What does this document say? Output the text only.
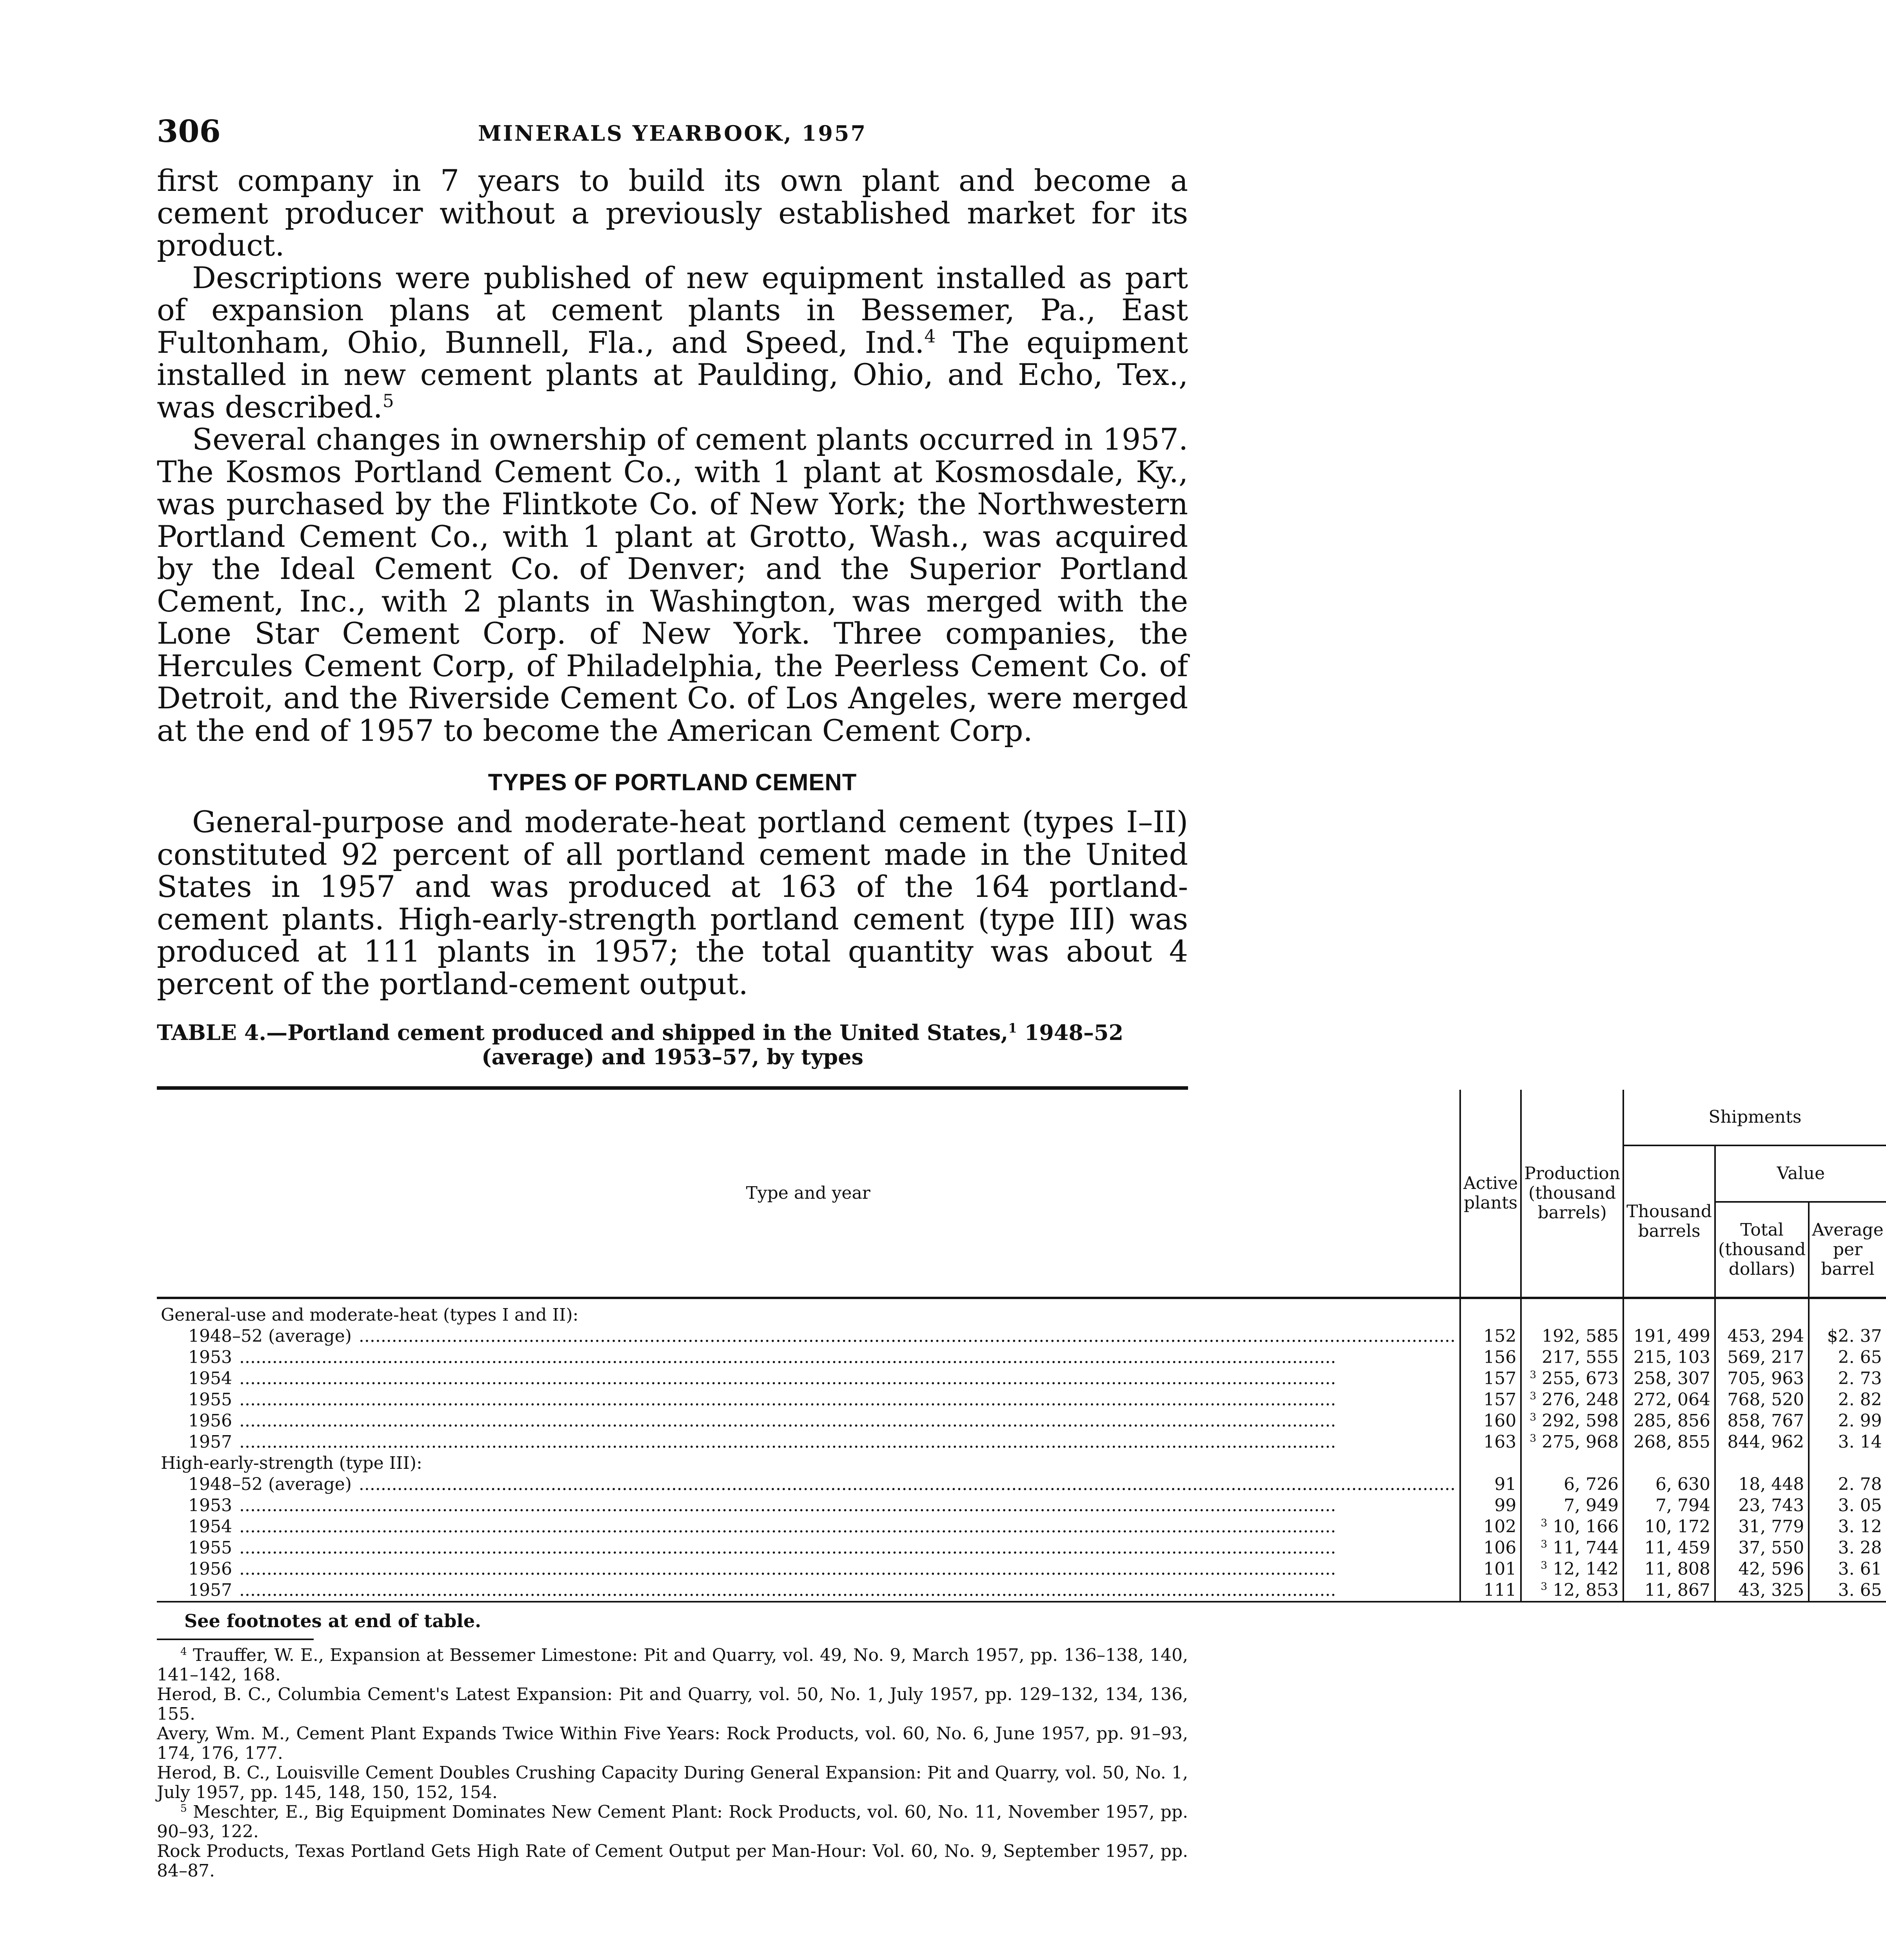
306	MINERALS YEARBOOK, 1957

first company in 7 years to build its own plant and become a cement producer without a previously established market for its product.

Descriptions were published of new equipment installed as part of expansion plans at cement plants in Bessemer, Pa., East Fultonham, Ohio, Bunnell, Fla., and Speed, Ind.$^4$ The equipment installed in new cement plants at Paulding, Ohio, and Echo, Tex., was described.$^5$

Several changes in ownership of cement plants occurred in 1957. The Kosmos Portland Cement Co., with 1 plant at Kosmosdale, Ky., was purchased by the Flintkote Co. of New York; the Northwestern Portland Cement Co., with 1 plant at Grotto, Wash., was acquired by the Ideal Cement Co. of Denver; and the Superior Portland Cement, Inc., with 2 plants in Washington, was merged with the Lone Star Cement Corp. of New York. Three companies, the Hercules Cement Corp, of Philadelphia, the Peerless Cement Co. of Detroit, and the Riverside Cement Co. of Los Angeles, were merged at the end of 1957 to become the American Cement Corp.

TYPES OF PORTLAND CEMENT

General-purpose and moderate-heat portland cement (types I–II) constituted 92 percent of all portland cement made in the United States in 1957 and was produced at 163 of the 164 portland-cement plants. High-early-strength portland cement (type III) was produced at 111 plants in 1957; the total quantity was about 4 percent of the portland-cement output.

TABLE 4.—Portland cement produced and shipped in the United States,$^1$ 1948–52
(average) and 1953–57, by types
Type and year	Active plants	Production (thousand barrels)	Shipments		
			Thousand barrels	Value	
				Total (thousand dollars)	Average per barrel
General-use and moderate-heat (types I and II):					

1948–52 (average) ........................................................................................................................................................................................................	152	192, 585	191, 499	453, 294	$2. 37

1953 ........................................................................................................................................................................................................	156	217, 555	215, 103	569, 217	2. 65

1954 ........................................................................................................................................................................................................	157	$^3$ 255, 673	258, 307	705, 963	2. 73

1955 ........................................................................................................................................................................................................	157	$^3$ 276, 248	272, 064	768, 520	2. 82

1956 ........................................................................................................................................................................................................	160	$^3$ 292, 598	285, 856	858, 767	2. 99

1957 ........................................................................................................................................................................................................	163	$^3$ 275, 968	268, 855	844, 962	3. 14
High-early-strength (type III):					

1948–52 (average) ........................................................................................................................................................................................................	91	6, 726	6, 630	18, 448	2. 78

1953 ........................................................................................................................................................................................................	99	7, 949	7, 794	23, 743	3. 05

1954 ........................................................................................................................................................................................................	102	$^3$ 10, 166	10, 172	31, 779	3. 12

1955 ........................................................................................................................................................................................................	106	$^3$ 11, 744	11, 459	37, 550	3. 28

1956 ........................................................................................................................................................................................................	101	$^3$ 12, 142	11, 808	42, 596	3. 61

1957 ........................................................................................................................................................................................................	111	$^3$ 12, 853	11, 867	43, 325	3. 65
See footnotes at end of table.

$^4$ Trauffer, W. E., Expansion at Bessemer Limestone: Pit and Quarry, vol. 49, No. 9, March 1957, pp. 136–138, 140, 141–142, 168.

Herod, B. C., Columbia Cement's Latest Expansion: Pit and Quarry, vol. 50, No. 1, July 1957, pp. 129–132, 134, 136, 155.

Avery, Wm. M., Cement Plant Expands Twice Within Five Years: Rock Products, vol. 60, No. 6, June 1957, pp. 91–93, 174, 176, 177.

Herod, B. C., Louisville Cement Doubles Crushing Capacity During General Expansion: Pit and Quarry, vol. 50, No. 1, July 1957, pp. 145, 148, 150, 152, 154.

$^5$ Meschter, E., Big Equipment Dominates New Cement Plant: Rock Products, vol. 60, No. 11, November 1957, pp. 90–93, 122.

Rock Products, Texas Portland Gets High Rate of Cement Output per Man-Hour: Vol. 60, No. 9, September 1957, pp. 84–87.
